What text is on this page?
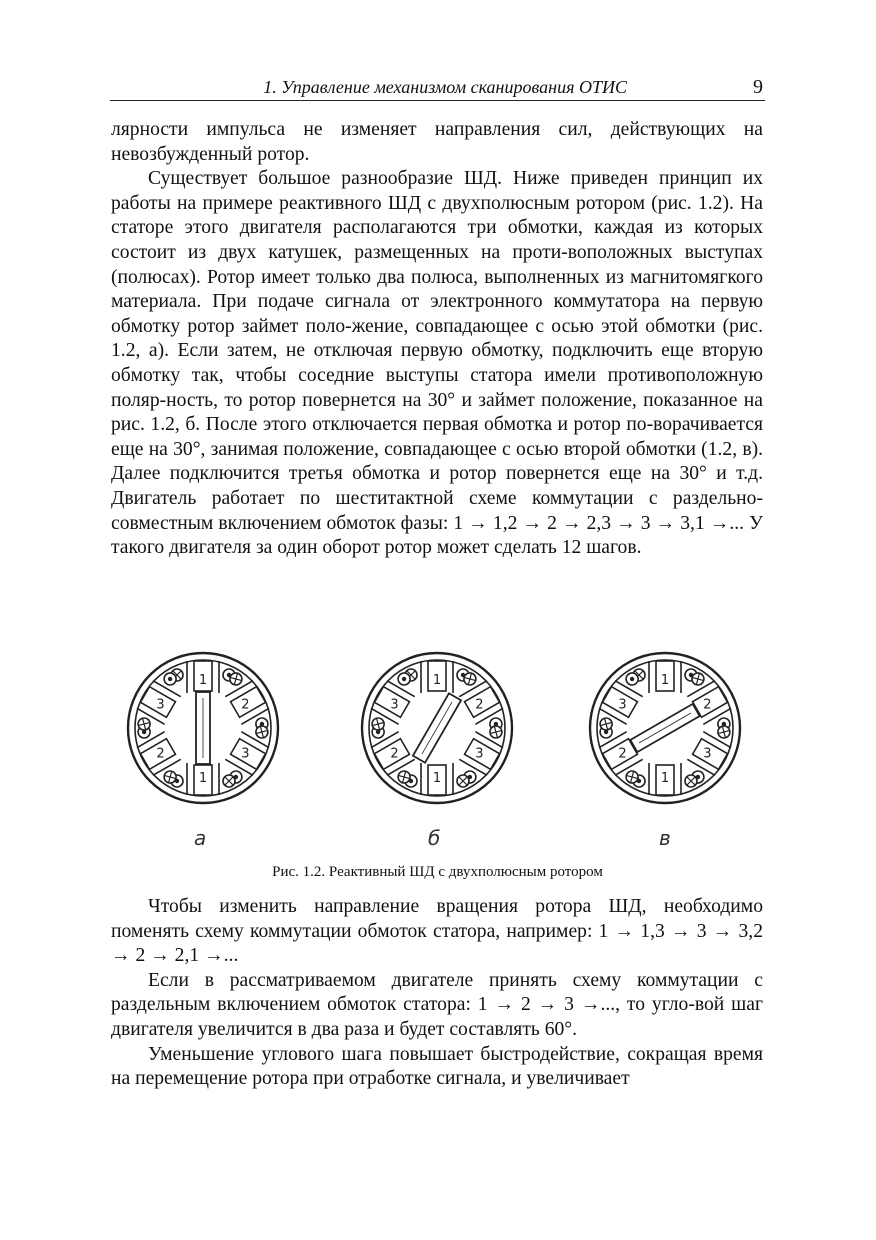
1. Управление механизмом сканирования ОТИС	9

лярности импульса не изменяет направления сил, действующих на невозбужденный ротор.

Существует большое разнообразие ШД. Ниже приведен принцип их работы на примере реактивного ШД с двухполюсным ротором (рис. 1.2). На статоре этого двигателя располагаются три обмотки, каждая из которых состоит из двух катушек, размещенных на проти-воположных выступах (полюсах). Ротор имеет только два полюса, выполненных из магнитомягкого материала. При подаче сигнала от электронного коммутатора на первую обмотку ротор займет поло-жение, совпадающее с осью этой обмотки (рис. 1.2, а). Если затем, не отключая первую обмотку, подключить еще вторую обмотку так, чтобы соседние выступы статора имели противоположную поляр-ность, то ротор повернется на 30° и займет положение, показанное на рис. 1.2, б. После этого отключается первая обмотка и ротор по-ворачивается еще на 30°, занимая положение, совпадающее с осью второй обмотки (1.2, в). Далее подключится третья обмотка и ротор повернется еще на 30° и т.д. Двигатель работает по шеститактной схеме коммутации с раздельно-совместным включением обмоток фазы: 1 → 1,2 → 2 → 2,3 → 3 → 3,1 →... У такого двигателя за один оборот ротор может сделать 12 шагов.

1
2
3
1
2
3
1
2
3
1
2
3
1
2
3
1
2
3
а	б	в
Рис. 1.2. Реактивный ШД с двухполюсным ротором

Чтобы изменить направление вращения ротора ШД, необходимо поменять схему коммутации обмоток статора, например: 1 → 1,3 → 3 → 3,2 → 2 → 2,1 →...

Если в рассматриваемом двигателе принять схему коммутации с раздельным включением обмоток статора: 1 → 2 → 3 →..., то угло-вой шаг двигателя увеличится в два раза и будет составлять 60°.

Уменьшение углового шага повышает быстродействие, сокращая время на перемещение ротора при отработке сигнала, и увеличивает
